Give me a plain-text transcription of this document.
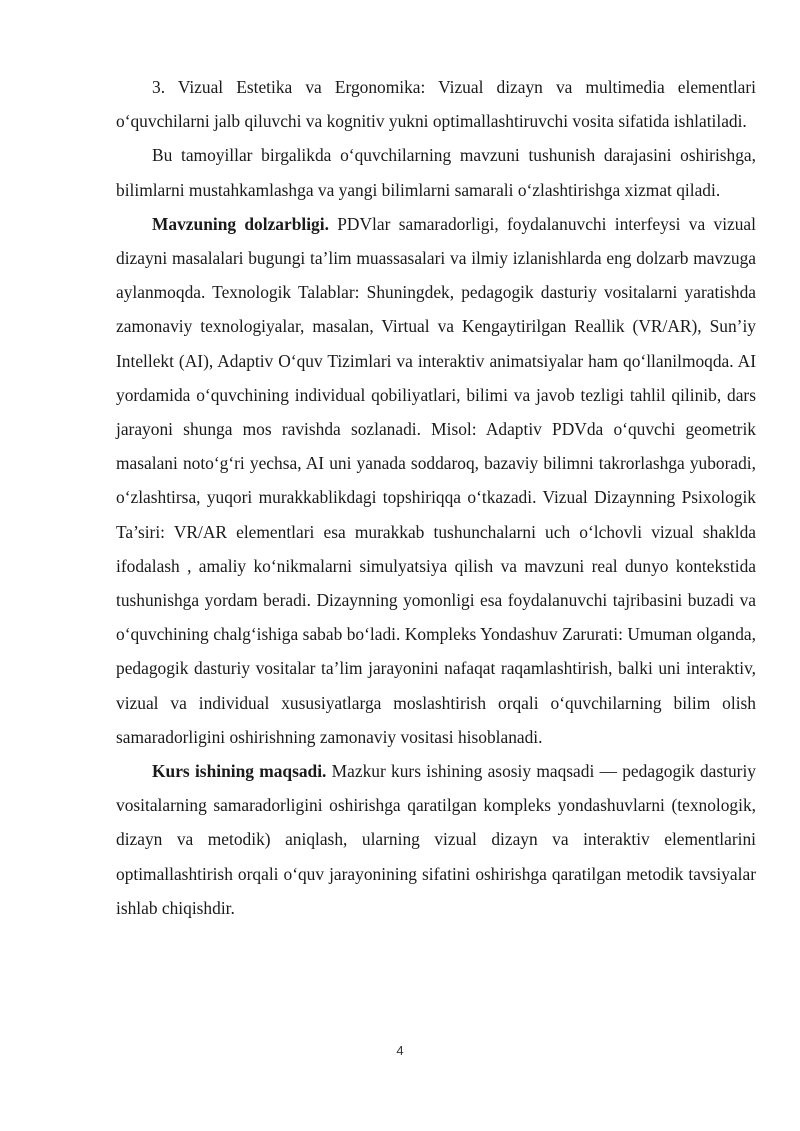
3. Vizual Estetika va Ergonomika: Vizual dizayn va multimedia elementlari o‘quvchilarni jalb qiluvchi va kognitiv yukni optimallashtiruvchi vosita sifatida ishlatiladi.

Bu tamoyillar birgalikda o‘quvchilarning mavzuni tushunish darajasini oshirishga, bilimlarni mustahkamlashga va yangi bilimlarni samarali o‘zlashtirishga xizmat qiladi.

Mavzuning dolzarbligi. PDVlar samaradorligi, foydalanuvchi interfeysi va vizual dizayni masalalari bugungi ta’lim muassasalari va ilmiy izlanishlarda eng dolzarb mavzuga aylanmoqda. Texnologik Talablar: Shuningdek, pedagogik dasturiy vositalarni yaratishda zamonaviy texnologiyalar, masalan, Virtual va Kengaytirilgan Reallik (VR/AR), Sun’iy Intellekt (AI), Adaptiv O‘quv Tizimlari va interaktiv animatsiyalar ham qo‘llanilmoqda. AI yordamida o‘quvchining individual qobiliyatlari, bilimi va javob tezligi tahlil qilinib, dars jarayoni shunga mos ravishda sozlanadi. Misol: Adaptiv PDVda o‘quvchi geometrik masalani noto‘g‘ri yechsa, AI uni yanada soddaroq, bazaviy bilimni takrorlashga yuboradi, o‘zlashtirsa, yuqori murakkablikdagi topshiriqqa o‘tkazadi. Vizual Dizaynning Psixologik Ta’siri: VR/AR elementlari esa murakkab tushunchalarni uch o‘lchovli vizual shaklda ifodalash , amaliy ko‘nikmalarni simulyatsiya qilish va mavzuni real dunyo kontekstida tushunishga yordam beradi. Dizaynning yomonligi esa foydalanuvchi tajribasini buzadi va o‘quvchining chalg‘ishiga sabab bo‘ladi. Kompleks Yondashuv Zarurati: Umuman olganda, pedagogik dasturiy vositalar ta’lim jarayonini nafaqat raqamlashtirish, balki uni interaktiv, vizual va individual xususiyatlarga moslashtirish orqali o‘quvchilarning bilim olish samaradorligini oshirishning zamonaviy vositasi hisoblanadi.

Kurs ishining maqsadi. Mazkur kurs ishining asosiy maqsadi — pedagogik dasturiy vositalarning samaradorligini oshirishga qaratilgan kompleks yondashuvlarni (texnologik, dizayn va metodik) aniqlash, ularning vizual dizayn va interaktiv elementlarini optimallashtirish orqali o‘quv jarayonining sifatini oshirishga qaratilgan metodik tavsiyalar ishlab chiqishdir.

4
